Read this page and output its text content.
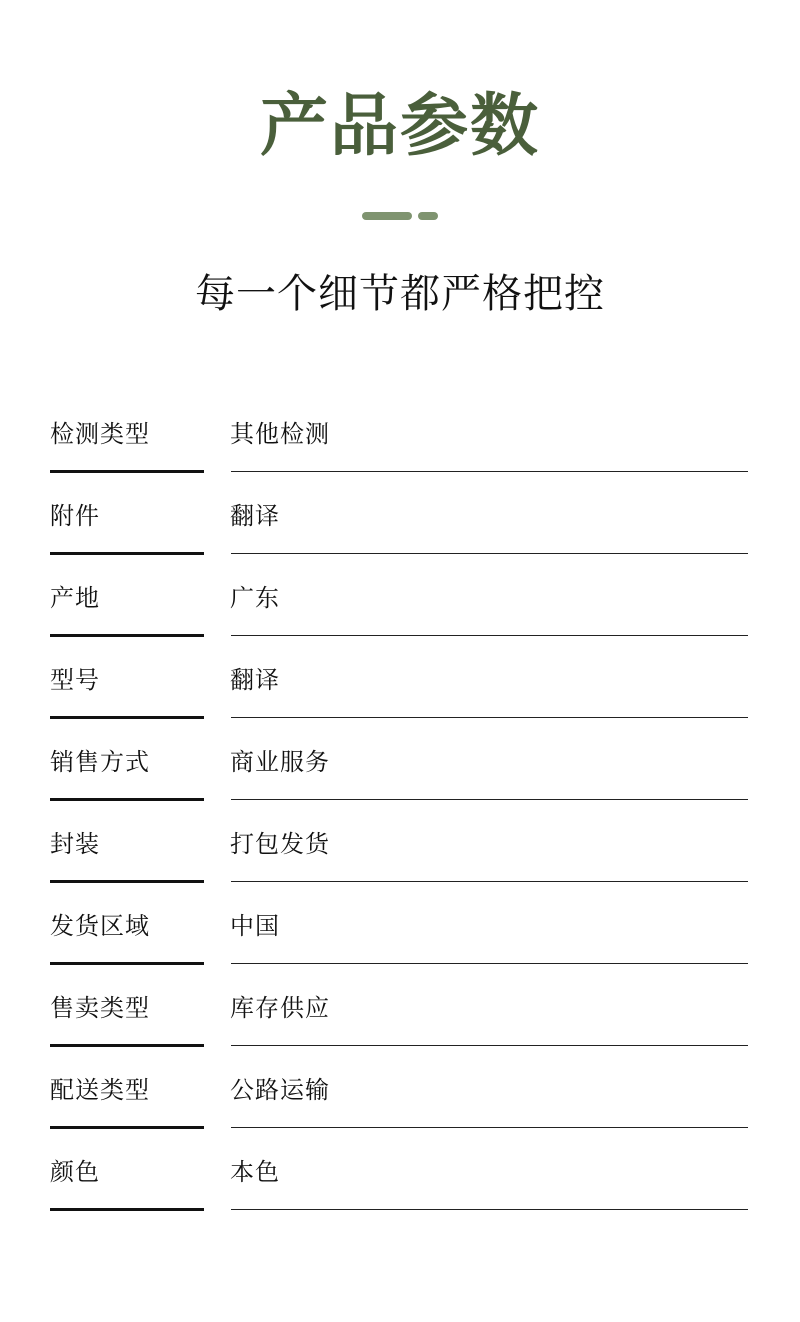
产品参数
每一个细节都严格把控
检测类型	其他检测
附件	翻译
产地	广东
型号	翻译
销售方式	商业服务
封装	打包发货
发货区域	中国
售卖类型	库存供应
配送类型	公路运输
颜色	本色
